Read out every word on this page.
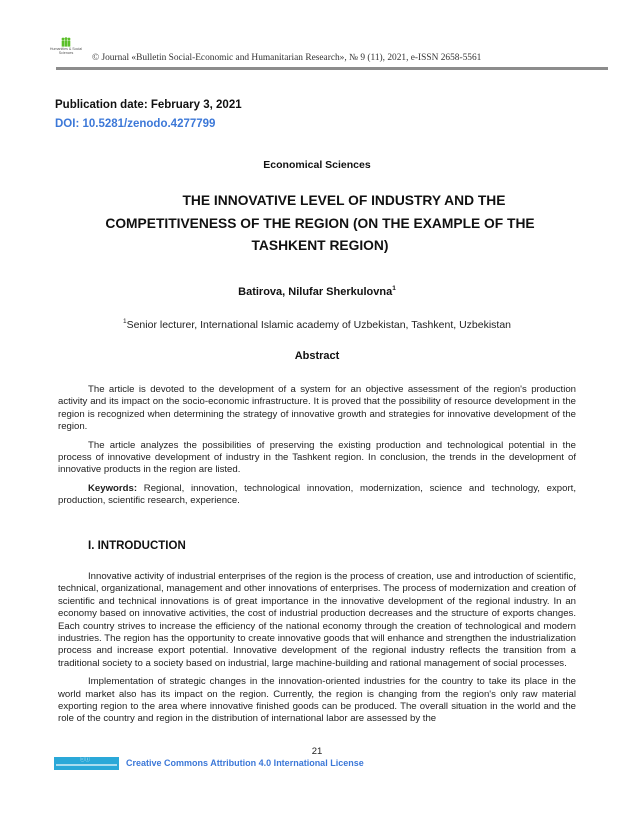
Humanities & Social Sciences	© Journal «Bulletin Social-Economic and Humanitarian Research», № 9 (11), 2021, e-ISSN 2658-5561
Publication date: February 3, 2021
DOI: 10.5281/zenodo.4277799
Economical Sciences
THE INNOVATIVE LEVEL OF INDUSTRY AND THE
COMPETITIVENESS OF THE REGION (ON THE EXAMPLE OF THE
TASHKENT REGION)
Batirova, Nilufar Sherkulovna$^1$
$^1$Senior lecturer, International Islamic academy of Uzbekistan, Tashkent, Uzbekistan
Abstract

The article is devoted to the development of a system for an objective assessment of the region's production activity and its impact on the socio-economic infrastructure. It is proved that the possibility of resource development in the region is recognized when determining the strategy of innovative growth and strategies for innovative development of the region.

The article analyzes the possibilities of preserving the existing production and technological potential in the process of innovative development of industry in the Tashkent region. In conclusion, the trends in the development of innovative products in the region are listed.

Keywords: Regional, innovation, technological innovation, modernization, science and technology, export, production, scientific research, experience.

I. INTRODUCTION

Innovative activity of industrial enterprises of the region is the process of creation, use and introduction of scientific, technical, organizational, management and other innovations of enterprises. The process of modernization and creation of scientific and technical innovations is of great importance in the innovative development of the regional industry. In an economy based on innovative activities, the cost of industrial production decreases and the structure of exports changes. Each country strives to increase the efficiency of the national economy through the creation of technological and modern industries. The region has the opportunity to create innovative goods that will enhance and strengthen the industrialization process and increase export potential. Innovative development of the regional industry reflects the transition from a traditional society to a society based on industrial, large machine-building and rational management of social processes.

Implementation of strategic changes in the innovation-oriented industries for the country to take its place in the world market also has its impact on the region. Currently, the region is changing from the region's only raw material exporting region to the area where innovative finished goods can be produced. The overall situation in the world and the role of the country and region in the distribution of international labor are assessed by the

21
ⓒⓘ	Creative Commons Attribution 4.0 International License
